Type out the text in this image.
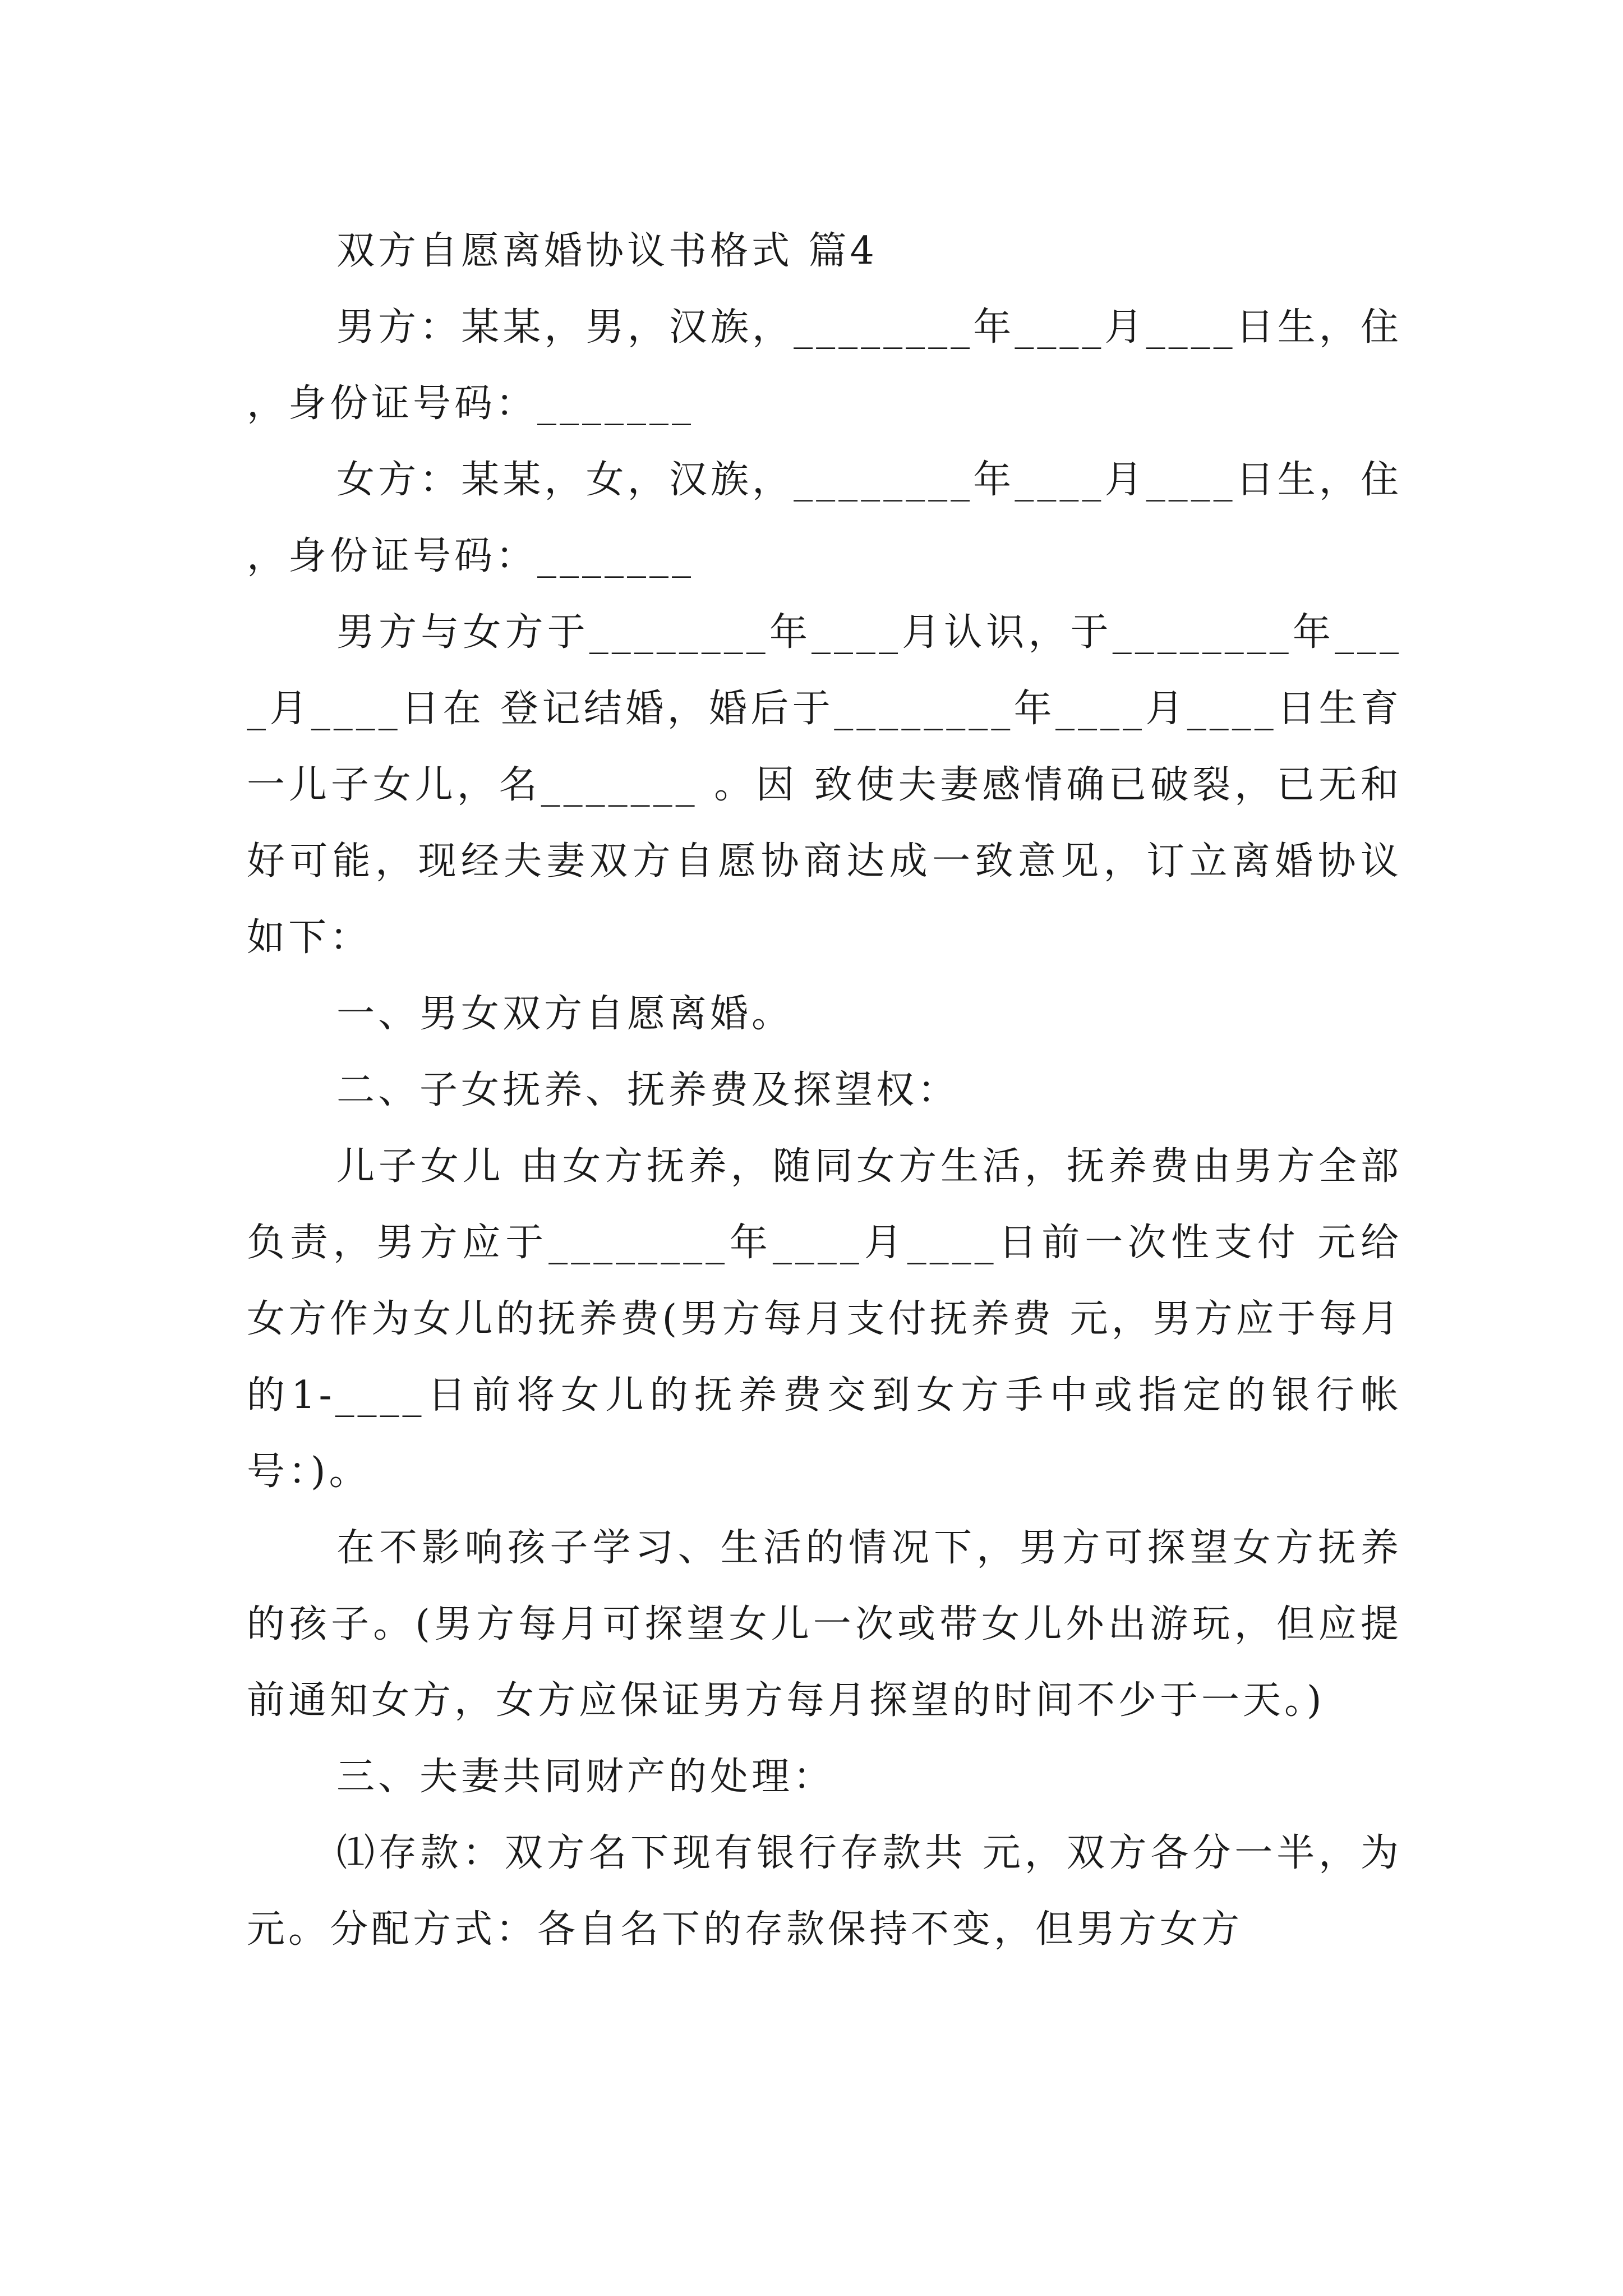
双方自愿离婚协议书格式 篇4

男方：某某，男，汉族，________年____月____日生，住 ，身份证号码：_______

女方：某某，女，汉族，________年____月____日生，住 ，身份证号码：_______

男方与女方于________年____月认识，于________年____月____日在 登记结婚，婚后于________年____月____日生育一儿子女儿，名_______ 。因 致使夫妻感情确已破裂，已无和好可能，现经夫妻双方自愿协商达成一致意见，订立离婚协议如下：

一、男女双方自愿离婚。

二、子女抚养、抚养费及探望权：

儿子女儿 由女方抚养，随同女方生活，抚养费由男方全部负责，男方应于________年____月____日前一次性支付 元给女方作为女儿的抚养费(男方每月支付抚养费 元，男方应于每月的1-____日前将女儿的抚养费交到女方手中或指定的银行帐号：)。

在不影响孩子学习、生活的情况下，男方可探望女方抚养的孩子。(男方每月可探望女儿一次或带女儿外出游玩，但应提前通知女方，女方应保证男方每月探望的时间不少于一天。)

三、夫妻共同财产的处理：

⑴存款：双方名下现有银行存款共 元，双方各分一半，为 元。分配方式：各自名下的存款保持不变，但男方女方
